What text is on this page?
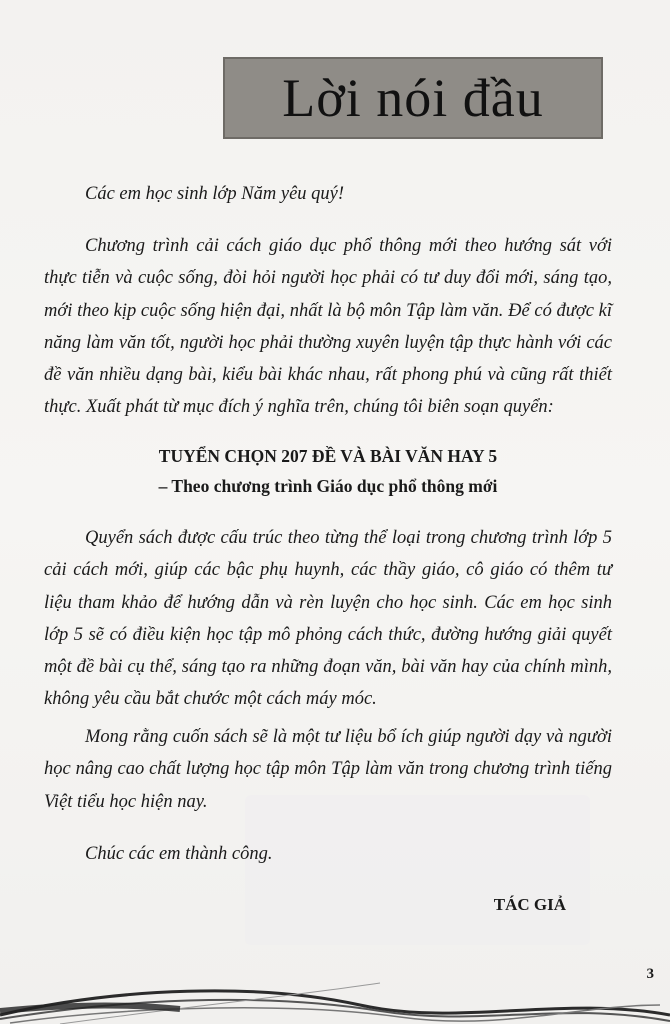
Lời nói đầu
Các em học sinh lớp Năm yêu quý!
Chương trình cải cách giáo dục phổ thông mới theo hướng sát với thực tiễn và cuộc sống, đòi hỏi người học phải có tư duy đổi mới, sáng tạo, mới theo kịp cuộc sống hiện đại, nhất là bộ môn Tập làm văn. Để có được kĩ năng làm văn tốt, người học phải thường xuyên luyện tập thực hành với các đề văn nhiều dạng bài, kiểu bài khác nhau, rất phong phú và cũng rất thiết thực. Xuất phát từ mục đích ý nghĩa trên, chúng tôi biên soạn quyển:
TUYỂN CHỌN 207 ĐỀ VÀ BÀI VĂN HAY 5
– Theo chương trình Giáo dục phổ thông mới
Quyển sách được cấu trúc theo từng thể loại trong chương trình lớp 5 cải cách mới, giúp các bậc phụ huynh, các thầy giáo, cô giáo có thêm tư liệu tham khảo để hướng dẫn và rèn luyện cho học sinh. Các em học sinh lớp 5 sẽ có điều kiện học tập mô phỏng cách thức, đường hướng giải quyết một đề bài cụ thể, sáng tạo ra những đoạn văn, bài văn hay của chính mình, không yêu cầu bắt chước một cách máy móc.
Mong rằng cuốn sách sẽ là một tư liệu bổ ích giúp người dạy và người học nâng cao chất lượng học tập môn Tập làm văn trong chương trình tiếng Việt tiểu học hiện nay.
Chúc các em thành công.
TÁC GIẢ
3
